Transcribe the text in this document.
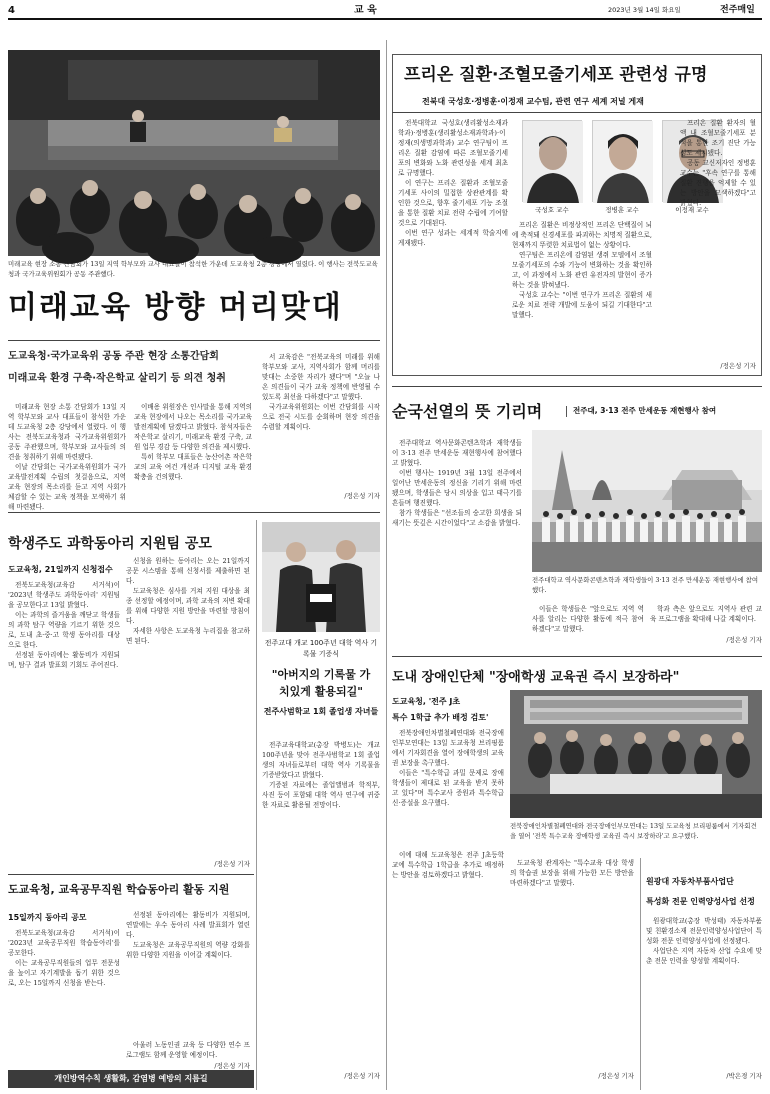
4	교 육	2023년 3월 14일 화요일	전주매일
미래교육 현장 소통 간담회가 13일 지역 학부모와 교사 대표들이 참석한 가운데 도교육청 2층 강당에서 열렸다. 이 행사는 전북도교육청과 국가교육위원회가 공동 주관했다.
미래교육 방향 머리맞대
도교육청·국가교육위 공동 주관 현장 소통간담회
미래교육 환경 구축·작은학교 살리기 등 의견 청취

미래교육 현장 소통 간담회가 13일 지역 학부모와 교사 대표들이 참석한 가운데 도교육청 2층 강당에서 열렸다. 이 행사는 전북도교육청과 국가교육위원회가 공동 주관했으며, 학부모와 교사들의 의견을 청취하기 위해 마련됐다.

이날 간담회는 국가교육위원회가 국가교육발전계획 수립의 첫걸음으로, 지역 교육 현장의 목소리를 듣고 지역 사회가 체감할 수 있는 교육 정책을 모색하기 위해 마련됐다.

이배용 위원장은 인사말을 통해 지역의 교육 현장에서 나오는 목소리를 국가교육발전계획에 담겠다고 밝혔다. 참석자들은 작은학교 살리기, 미래교육 환경 구축, 교원 업무 경감 등 다양한 의견을 제시했다.

특히 학부모 대표들은 농산어촌 작은학교의 교육 여건 개선과 디지털 교육 환경 확충을 건의했다.

서 교육감은 "전북교육의 미래를 위해 학부모와 교사, 지역사회가 함께 머리를 맞대는 소중한 자리가 됐다"며 "오늘 나온 의견들이 국가 교육 정책에 반영될 수 있도록 최선을 다하겠다"고 말했다.

국가교육위원회는 이번 간담회를 시작으로 전국 시도를 순회하며 현장 의견을 수렴할 계획이다.

/정은성 기자
프리온 질환·조혈모줄기세포 관련성 규명
전북대 국성호·정병훈·이정재 교수팀, 관련 연구 세계 저널 게재

전북대학교 국성호(생리활성소재과학과)·정병훈(생리활성소재과학과)·이정재(의생명과학과) 교수 연구팀이 프리온 질환 감염에 따른 조혈모줄기세포의 변화와 노화 관련성을 세계 최초로 규명했다.

이 연구는 프리온 질환과 조혈모줄기세포 사이의 밀접한 상관관계를 확인한 것으로, 향후 줄기세포 기능 조절을 통한 질환 치료 전략 수립에 기여할 것으로 기대된다.

이번 연구 성과는 세계적 학술지에 게재됐다.

국성호 교수	정병훈 교수	이정재 교수

프리온 질환은 비정상적인 프리온 단백질이 뇌에 축적돼 신경세포를 파괴하는 치명적 질환으로, 현재까지 뚜렷한 치료법이 없는 상황이다.

연구팀은 프리온에 감염된 생쥐 모델에서 조혈모줄기세포의 수와 기능이 변화하는 것을 확인하고, 이 과정에서 노화 관련 유전자의 발현이 증가하는 것을 밝혀냈다.

국성호 교수는 "이번 연구가 프리온 질환의 새로운 치료 전략 개발에 도움이 되길 기대한다"고 말했다.

프리온 질환 환자의 혈액 내 조혈모줄기세포 분석을 통한 조기 진단 가능성도 제시됐다.

공동 교신저자인 정병훈 교수는 "후속 연구를 통해 질환 진행을 억제할 수 있는 방안을 모색하겠다"고 밝혔다.

/정은성 기자
순국선열의 뜻 기리며	전주대, 3·13 전주 만세운동 재현행사 참여

전주대학교 역사문화콘텐츠학과 재학생들이 3·13 전주 만세운동 재현행사에 참여했다고 밝혔다.

이번 행사는 1919년 3월 13일 전주에서 일어난 만세운동의 정신을 기리기 위해 마련됐으며, 학생들은 당시 의상을 입고 태극기를 흔들며 행진했다.

참가 학생들은 "선조들의 숭고한 희생을 되새기는 뜻깊은 시간이었다"고 소감을 밝혔다.

전주대학교 역사문화콘텐츠학과 재학생들이 3·13 전주 만세운동 재현행사에 참여했다.

이들은 학생들은 "앞으로도 지역 역사를 알리는 다양한 활동에 적극 참여하겠다"고 말했다.

학과 측은 앞으로도 지역사 관련 교육 프로그램을 확대해 나갈 계획이다.

/정은성 기자
학생주도 과학동아리 지원팀 공모
도교육청, 21일까지 신청접수

전북도교육청(교육감 서거석)이 '2023년 학생주도 과학동아리' 지원팀을 공모한다고 13일 밝혔다.

이는 과학의 즐거움을 깨닫고 학생들의 과학 탐구 역량을 기르기 위한 것으로, 도내 초·중·고 학생 동아리를 대상으로 한다.

선정된 동아리에는 활동비가 지원되며, 탐구 결과 발표회 기회도 주어진다.

신청을 원하는 동아리는 오는 21일까지 공문 시스템을 통해 신청서를 제출하면 된다.

도교육청은 심사를 거쳐 지원 대상을 최종 선정할 예정이며, 과학 교육의 저변 확대를 위해 다양한 지원 방안을 마련할 방침이다.

자세한 사항은 도교육청 누리집을 참고하면 된다.

/정은성 기자
전주교대 개교 100주년 대학 역사 기록물 기증식
"아버지의 기록물 가치있게 활용되길"
전주사범학교 1회 졸업생 자녀들

전주교육대학교(총장 박병도)는 개교 100주년을 맞아 전주사범학교 1회 졸업생의 자녀들로부터 대학 역사 기록물을 기증받았다고 밝혔다.

기증된 자료에는 졸업앨범과 학적부, 사진 등이 포함돼 대학 역사 연구에 귀중한 자료로 활용될 전망이다.

/정은성 기자
도내 장애인단체 "장애학생 교육권 즉시 보장하라"
도교육청, '전주 J초
특수 1학급 추가 배정 검토'

전북장애인차별철폐연대와 전국장애인부모연대는 13일 도교육청 브리핑룸에서 기자회견을 열어 장애학생의 교육권 보장을 촉구했다.

이들은 "특수학급 과밀 문제로 장애학생들이 제대로 된 교육을 받지 못하고 있다"며 특수교사 증원과 특수학급 신·증설을 요구했다.

전북장애인차별철폐연대와 전국장애인부모연대는 13일 도교육청 브리핑룸에서 기자회견을 열어 '전북 특수교육 장애학생 교육권 즉시 보장하라'고 요구했다.

이에 대해 도교육청은 전주 J초등학교에 특수학급 1학급을 추가로 배정하는 방안을 검토하겠다고 밝혔다.

도교육청 관계자는 "특수교육 대상 학생의 학습권 보장을 위해 가능한 모든 방안을 마련하겠다"고 말했다.

/정은성 기자
원광대 자동차부품사업단
특성화 전문 인력양성사업 선정

원광대학교(총장 박성태) 자동차부품 및 친환경소재 전문인력양성사업단이 특성화 전문 인력양성사업에 선정됐다.

사업단은 지역 자동차 산업 수요에 맞춘 전문 인력을 양성할 계획이다.

/박은경 기자
도교육청, 교육공무직원 학습동아리 활동 지원
15일까지 동아리 공모

전북도교육청(교육감 서거석)이 '2023년 교육공무직원 학습동아리'를 공모한다.

이는 교육공무직원들의 업무 전문성을 높이고 자기계발을 돕기 위한 것으로, 오는 15일까지 신청을 받는다.

선정된 동아리에는 활동비가 지원되며, 연말에는 우수 동아리 사례 발표회가 열린다.

도교육청은 교육공무직원의 역량 강화를 위한 다양한 지원을 이어갈 계획이다.

아울러 노동인권 교육 등 다양한 연수 프로그램도 함께 운영할 예정이다.

/정은성 기자
개인방역수칙 생활화, 감염병 예방의 지름길
